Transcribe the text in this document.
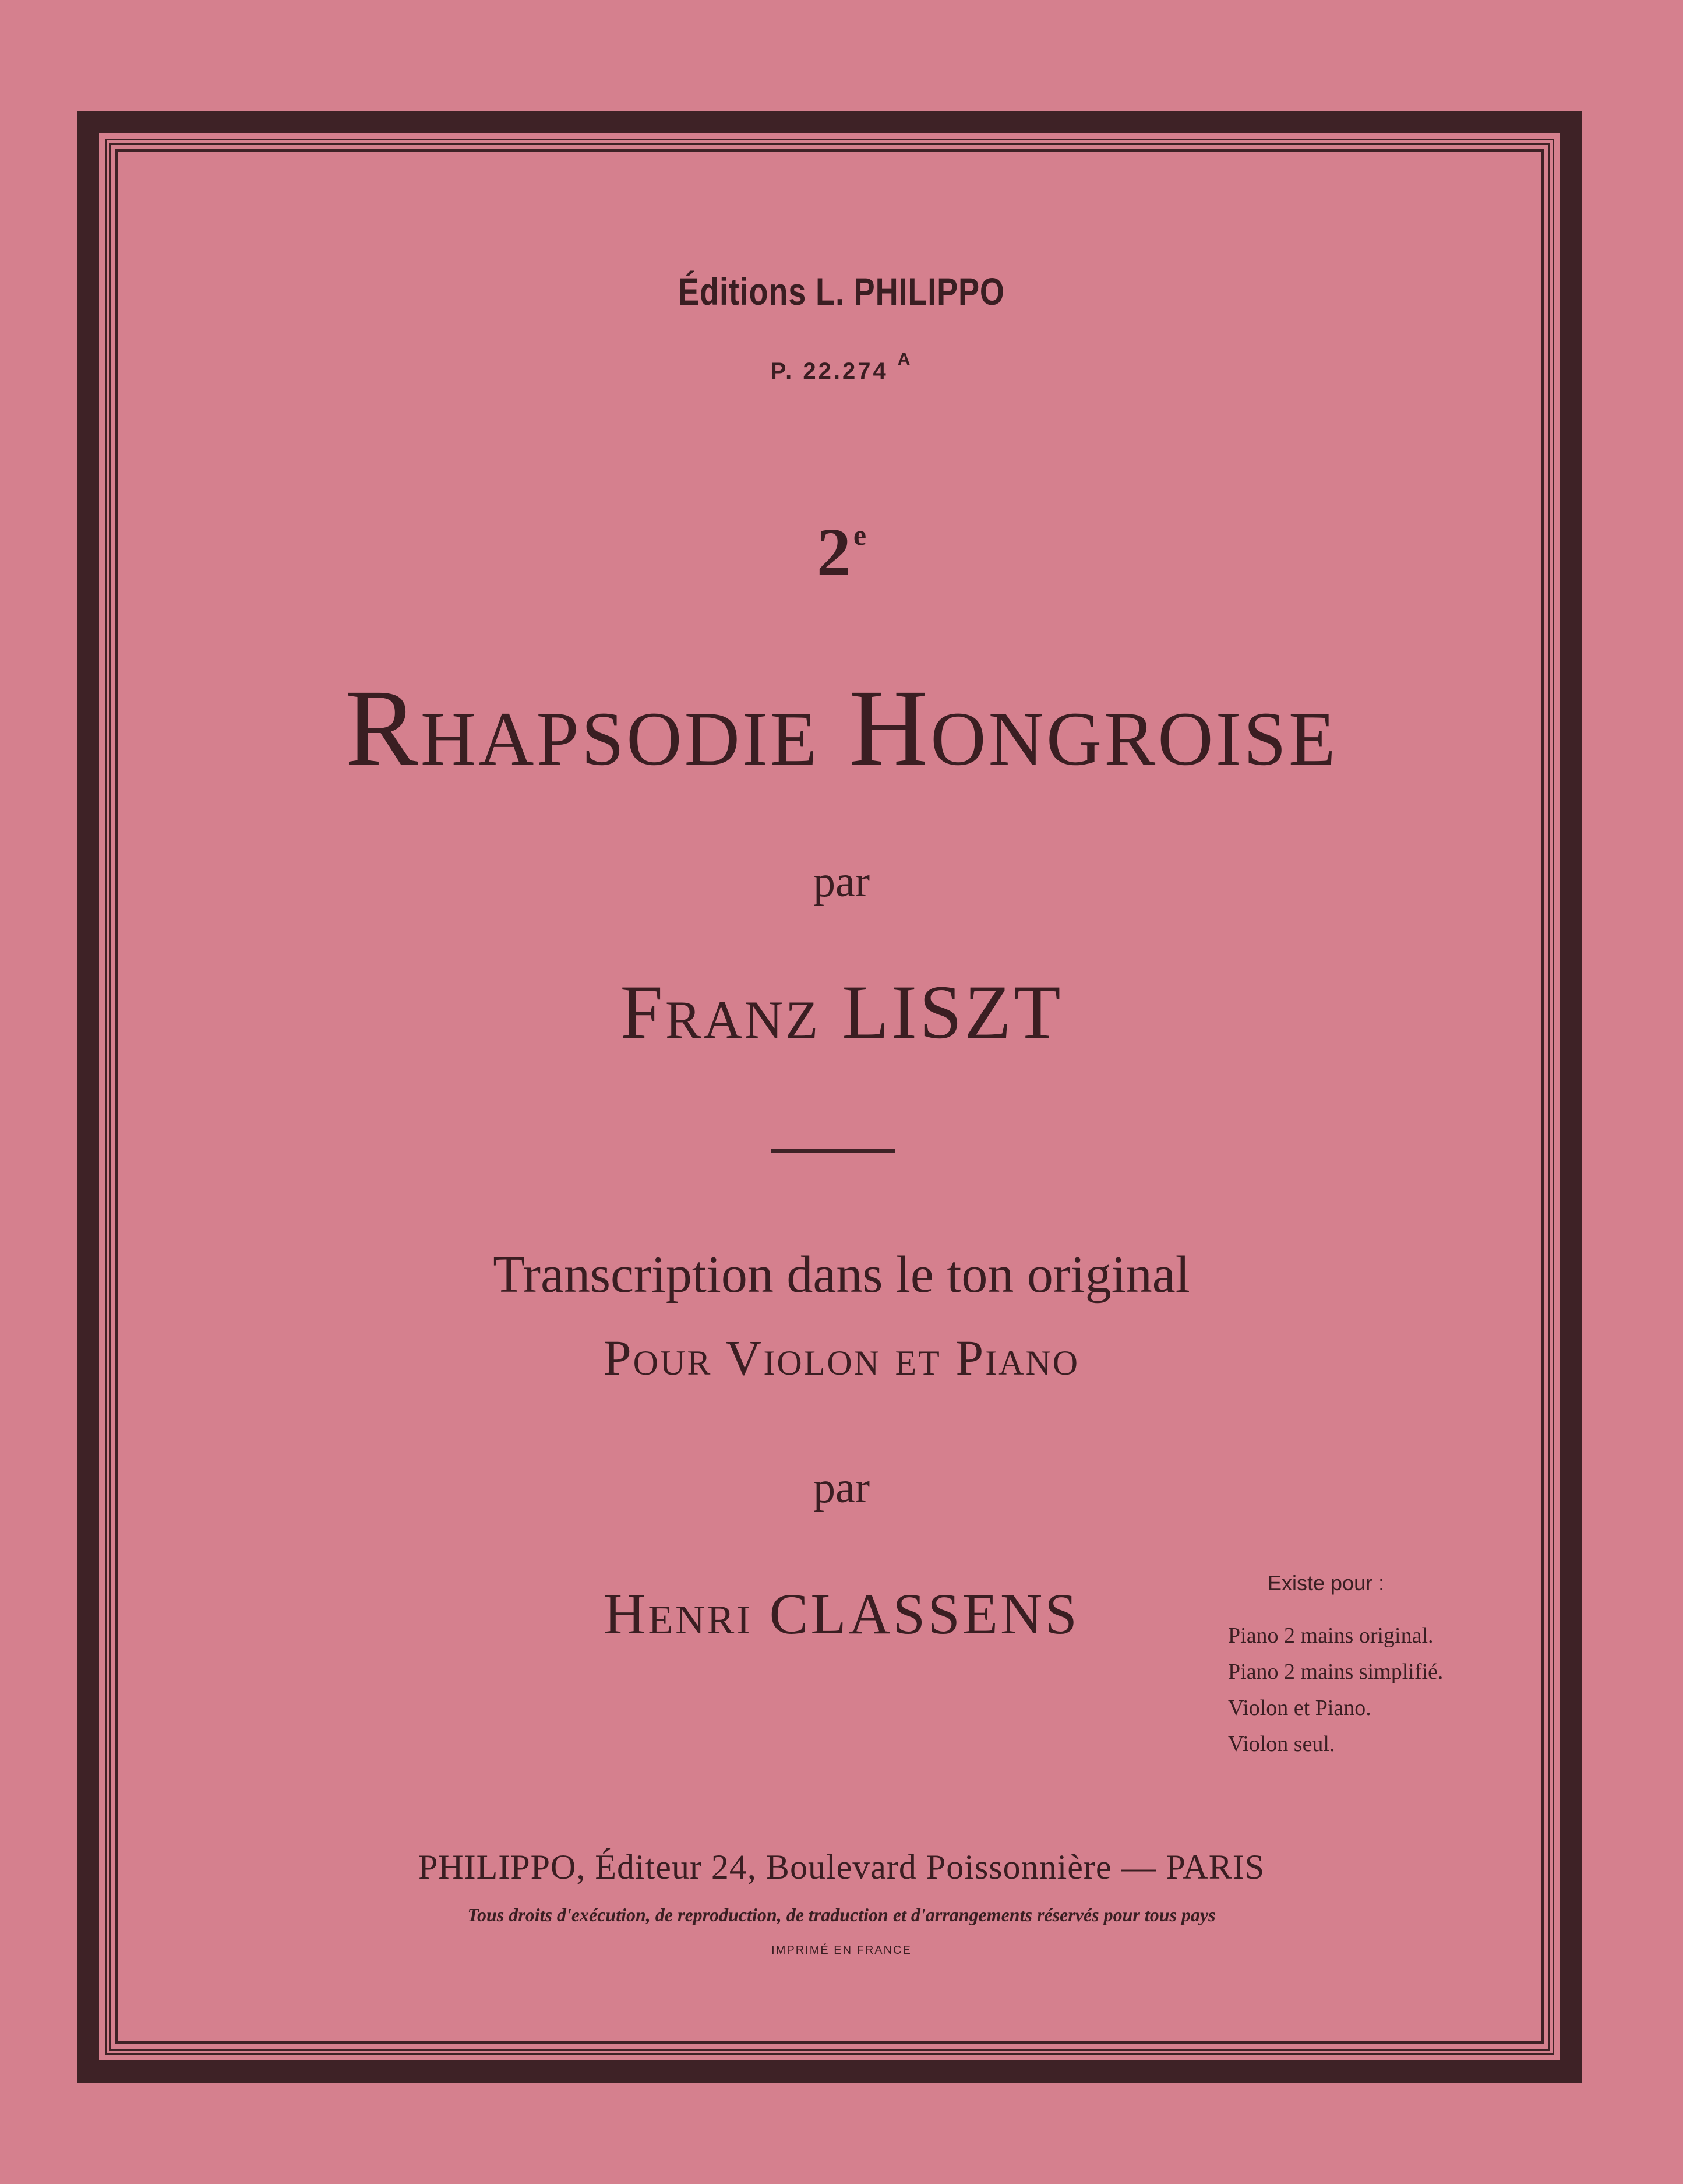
Éditions L. PHILIPPO
P. 22.274 $^A$
2e
Rhapsodie Hongroise
par
Franz LISZT
Transcription dans le ton original
Pour Violon et Piano
par
Henri CLASSENS	Existe pour :
Piano 2 mains original.
Piano 2 mains simplifié.
Violon et Piano.
Violon seul.
PHILIPPO, Éditeur 24, Boulevard Poissonnière — PARIS
Tous droits d'exécution, de reproduction, de traduction et d'arrangements réservés pour tous pays
IMPRIMÉ EN FRANCE
